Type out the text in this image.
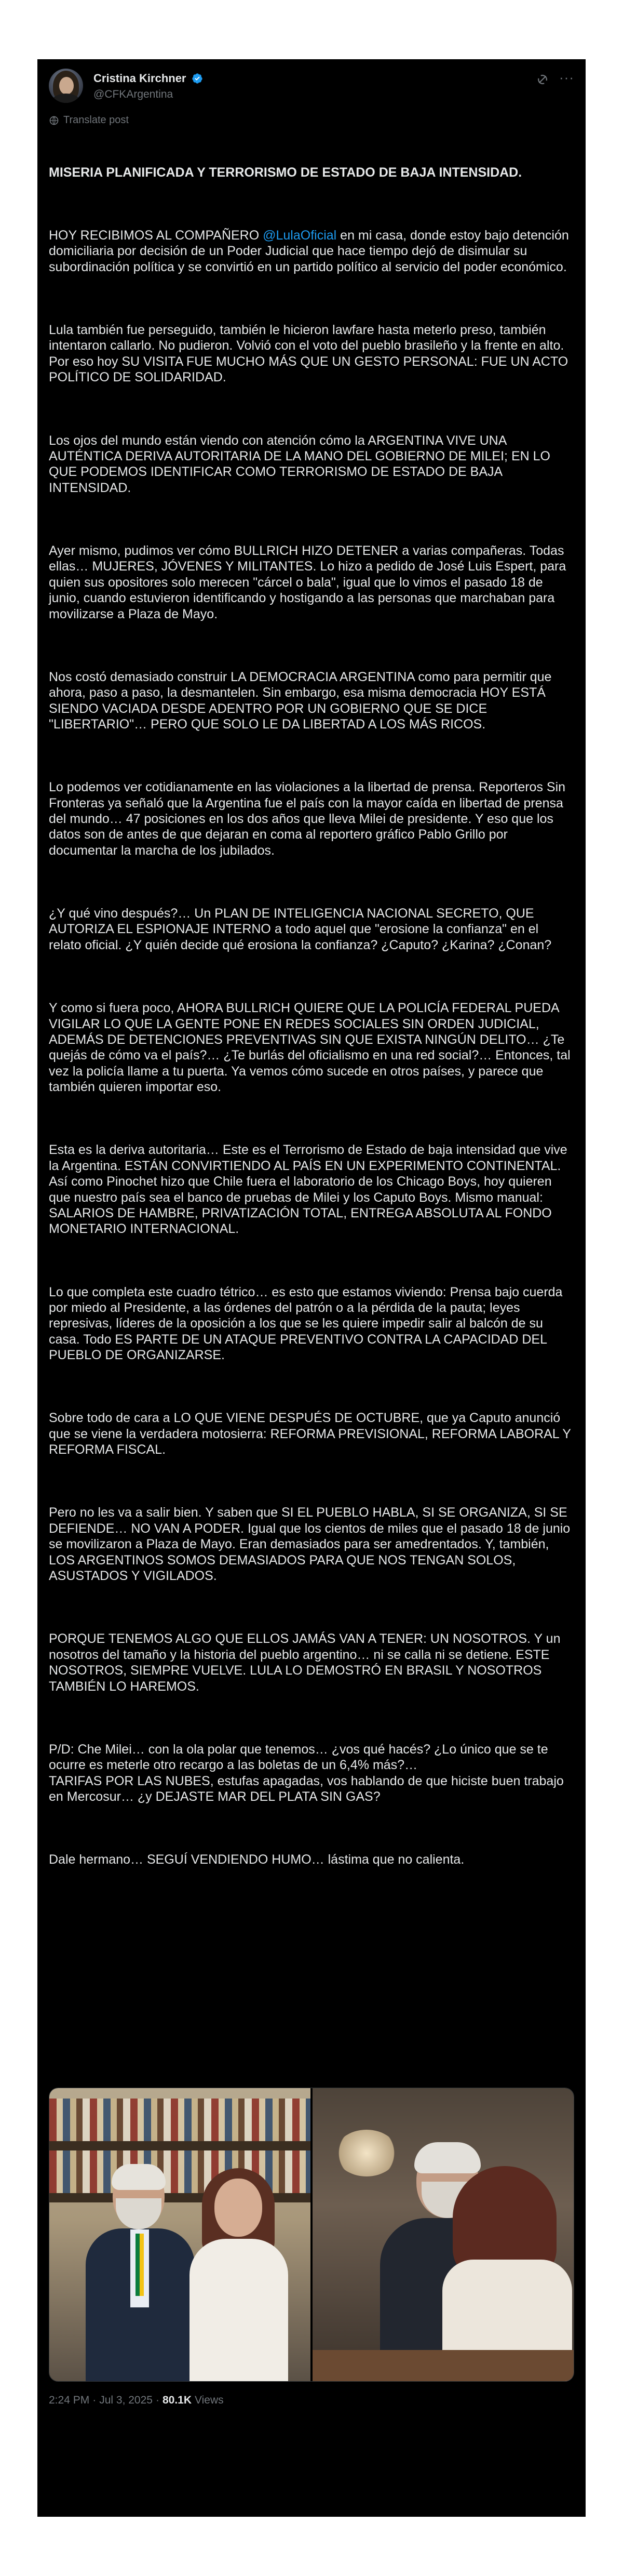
Cristina Kirchner
@CFKArgentina
···
Translate post

MISERIA PLANIFICADA Y TERRORISMO DE ESTADO DE BAJA INTENSIDAD.

HOY RECIBIMOS AL COMPAÑERO @LulaOficial en mi casa, donde estoy bajo detención domiciliaria por decisión de un Poder Judicial que hace tiempo dejó de disimular su subordinación política y se convirtió en un partido político al servicio del poder económico.

Lula también fue perseguido, también le hicieron lawfare hasta meterlo preso, también intentaron callarlo. No pudieron. Volvió con el voto del pueblo brasileño y la frente en alto. Por eso hoy SU VISITA FUE MUCHO MÁS QUE UN GESTO PERSONAL: FUE UN ACTO POLÍTICO DE SOLIDARIDAD.

Los ojos del mundo están viendo con atención cómo la ARGENTINA VIVE UNA AUTÉNTICA DERIVA AUTORITARIA DE LA MANO DEL GOBIERNO DE MILEI; EN LO QUE PODEMOS IDENTIFICAR COMO TERRORISMO DE ESTADO DE BAJA INTENSIDAD.

Ayer mismo, pudimos ver cómo BULLRICH HIZO DETENER a varias compañeras. Todas ellas… MUJERES, JÓVENES Y MILITANTES. Lo hizo a pedido de José Luis Espert, para quien sus opositores solo merecen "cárcel o bala", igual que lo vimos el pasado 18 de junio, cuando estuvieron identificando y hostigando a las personas que marchaban para movilizarse a Plaza de Mayo.

Nos costó demasiado construir LA DEMOCRACIA ARGENTINA como para permitir que ahora, paso a paso, la desmantelen. Sin embargo, esa misma democracia HOY ESTÁ SIENDO VACIADA DESDE ADENTRO POR UN GOBIERNO QUE SE DICE "LIBERTARIO"… PERO QUE SOLO LE DA LIBERTAD A LOS MÁS RICOS.

Lo podemos ver cotidianamente en las violaciones a la libertad de prensa. Reporteros Sin Fronteras ya señaló que la Argentina fue el país con la mayor caída en libertad de prensa del mundo… 47 posiciones en los dos años que lleva Milei de presidente. Y eso que los datos son de antes de que dejaran en coma al reportero gráfico Pablo Grillo por documentar la marcha de los jubilados.

¿Y qué vino después?… Un PLAN DE INTELIGENCIA NACIONAL SECRETO, QUE AUTORIZA EL ESPIONAJE INTERNO a todo aquel que "erosione la confianza" en el relato oficial. ¿Y quién decide qué erosiona la confianza? ¿Caputo? ¿Karina? ¿Conan?

Y como si fuera poco, AHORA BULLRICH QUIERE QUE LA POLICÍA FEDERAL PUEDA VIGILAR LO QUE LA GENTE PONE EN REDES SOCIALES SIN ORDEN JUDICIAL, ADEMÁS DE DETENCIONES PREVENTIVAS SIN QUE EXISTA NINGÚN DELITO… ¿Te quejás de cómo va el país?… ¿Te burlás del oficialismo en una red social?… Entonces, tal vez la policía llame a tu puerta. Ya vemos cómo sucede en otros países, y parece que también quieren importar eso.

Esta es la deriva autoritaria… Este es el Terrorismo de Estado de baja intensidad que vive la Argentina. ESTÁN CONVIRTIENDO AL PAÍS EN UN EXPERIMENTO CONTINENTAL. Así como Pinochet hizo que Chile fuera el laboratorio de los Chicago Boys, hoy quieren que nuestro país sea el banco de pruebas de Milei y los Caputo Boys. Mismo manual: SALARIOS DE HAMBRE, PRIVATIZACIÓN TOTAL, ENTREGA ABSOLUTA AL FONDO MONETARIO INTERNACIONAL.

Lo que completa este cuadro tétrico… es esto que estamos viviendo: Prensa bajo cuerda por miedo al Presidente, a las órdenes del patrón o a la pérdida de la pauta; leyes represivas, líderes de la oposición a los que se les quiere impedir salir al balcón de su casa. Todo ES PARTE DE UN ATAQUE PREVENTIVO CONTRA LA CAPACIDAD DEL PUEBLO DE ORGANIZARSE.

Sobre todo de cara a LO QUE VIENE DESPUÉS DE OCTUBRE, que ya Caputo anunció que se viene la verdadera motosierra: REFORMA PREVISIONAL, REFORMA LABORAL Y REFORMA FISCAL.

Pero no les va a salir bien. Y saben que SI EL PUEBLO HABLA, SI SE ORGANIZA, SI SE DEFIENDE… NO VAN A PODER. Igual que los cientos de miles que el pasado 18 de junio se movilizaron a Plaza de Mayo. Eran demasiados para ser amedrentados. Y, también, LOS ARGENTINOS SOMOS DEMASIADOS PARA QUE NOS TENGAN SOLOS, ASUSTADOS Y VIGILADOS.

PORQUE TENEMOS ALGO QUE ELLOS JAMÁS VAN A TENER: UN NOSOTROS. Y un nosotros del tamaño y la historia del pueblo argentino… ni se calla ni se detiene. ESTE NOSOTROS, SIEMPRE VUELVE. LULA LO DEMOSTRÓ EN BRASIL Y NOSOTROS TAMBIÉN LO HAREMOS.

P/D: Che Milei… con la ola polar que tenemos… ¿vos qué hacés? ¿Lo único que se te ocurre es meterle otro recargo a las boletas de un 6,4% más?…
TARIFAS POR LAS NUBES, estufas apagadas, vos hablando de que hiciste buen trabajo en Mercosur… ¿y DEJASTE MAR DEL PLATA SIN GAS?

Dale hermano… SEGUÍ VENDIENDO HUMO… lástima que no calienta.

2:24 PM · Jul 3, 2025 · 80.1K Views
